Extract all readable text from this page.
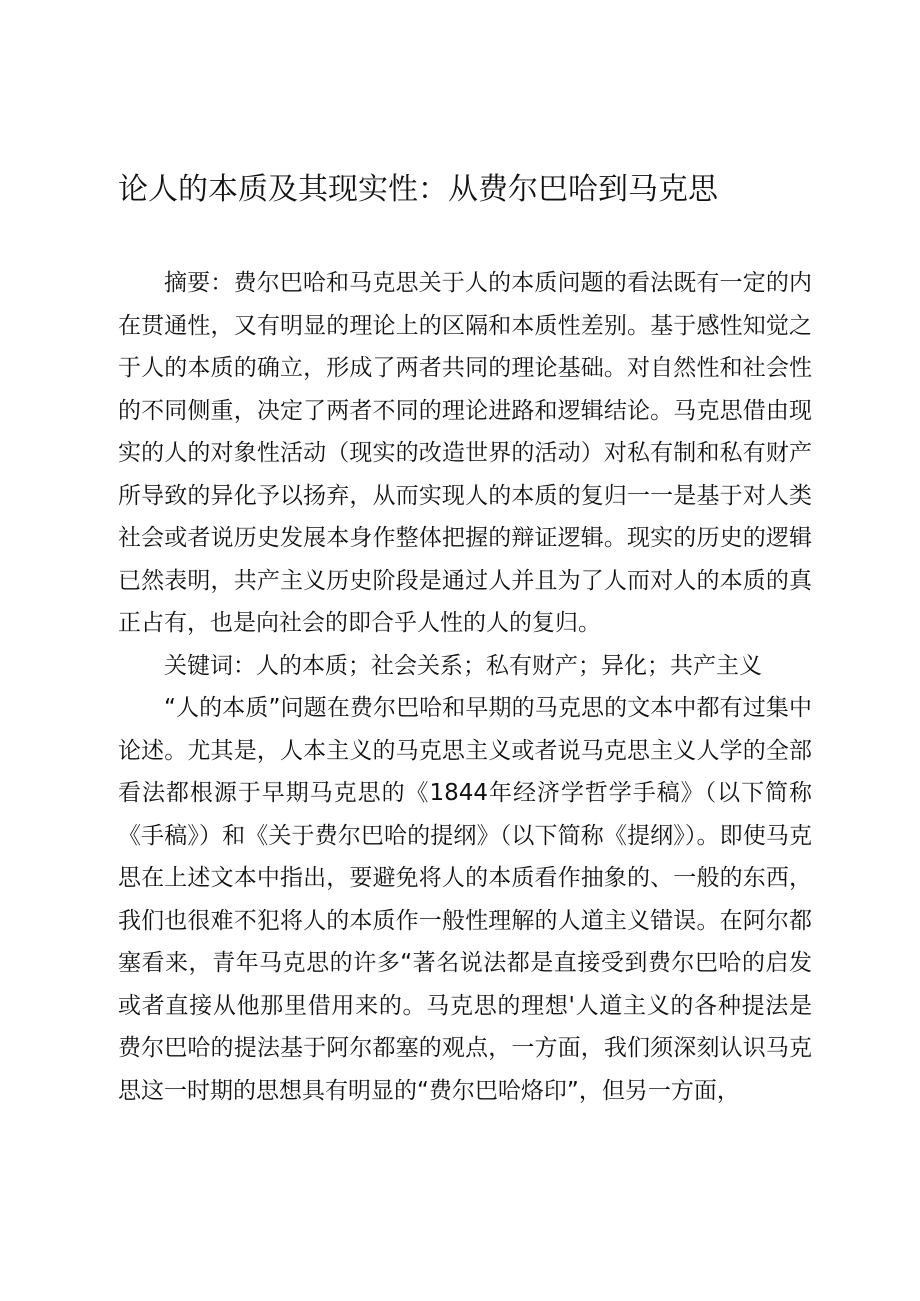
论人的本质及其现实性：从费尔巴哈到马克思

摘要：费尔巴哈和马克思关于人的本质问题的看法既有一定的内在贯通性，又有明显的理论上的区隔和本质性差别。基于感性知觉之于人的本质的确立，形成了两者共同的理论基础。对自然性和社会性的不同侧重，决定了两者不同的理论进路和逻辑结论。马克思借由现实的人的对象性活动（现实的改造世界的活动）对私有制和私有财产所导致的异化予以扬弃，从而实现人的本质的复归一一是基于对人类社会或者说历史发展本身作整体把握的辩证逻辑。现实的历史的逻辑已然表明，共产主义历史阶段是通过人并且为了人而对人的本质的真正占有，也是向社会的即合乎人性的人的复归。

关键词：人的本质；社会关系；私有财产；异化；共产主义

“人的本质”问题在费尔巴哈和早期的马克思的文本中都有过集中论述。尤其是，人本主义的马克思主义或者说马克思主义人学的全部看法都根源于早期马克思的《1844年经济学哲学手稿》（以下简称《手稿》）和《关于费尔巴哈的提纲》（以下简称《提纲》）。即使马克思在上述文本中指出，要避免将人的本质看作抽象的、一般的东西，我们也很难不犯将人的本质作一般性理解的人道主义错误。在阿尔都塞看来，青年马克思的许多“著名说法都是直接受到费尔巴哈的启发或者直接从他那里借用来的。马克思的理想'人道主义的各种提法是费尔巴哈的提法基于阿尔都塞的观点，一方面，我们须深刻认识马克思这一时期的思想具有明显的“费尔巴哈烙印”，但另一方面，
